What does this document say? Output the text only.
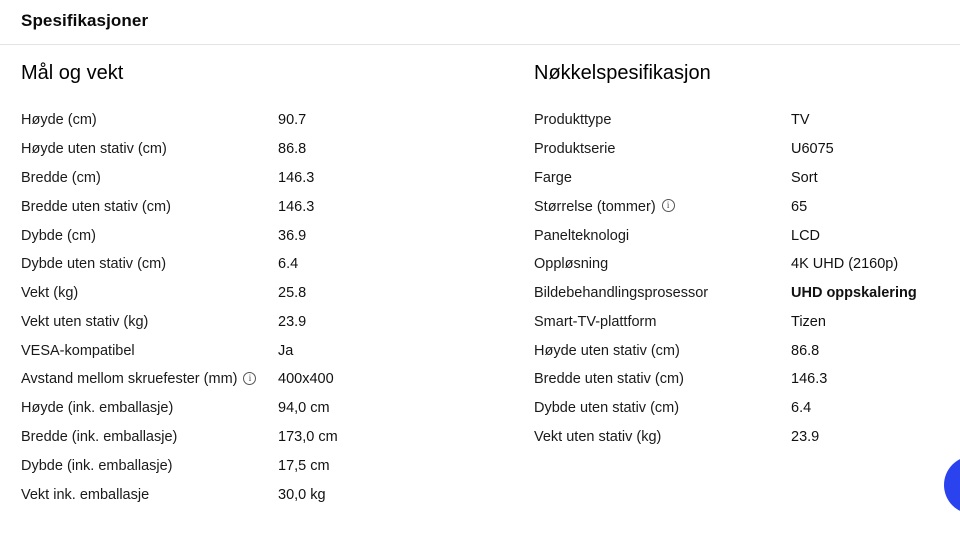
Spesifikasjoner
Mål og vekt
Høyde (cm)	90.7
Høyde uten stativ (cm)	86.8
Bredde (cm)	146.3
Bredde uten stativ (cm)	146.3
Dybde (cm)	36.9
Dybde uten stativ (cm)	6.4
Vekt (kg)	25.8
Vekt uten stativ (kg)	23.9
VESA-kompatibel	Ja
Avstand mellom skruefester (mm) i	400x400
Høyde (ink. emballasje)	94,0 cm
Bredde (ink. emballasje)	173,0 cm
Dybde (ink. emballasje)	17,5 cm
Vekt ink. emballasje	30,0 kg
Nøkkelspesifikasjon
Produkttype	TV
Produktserie	U6075
Farge	Sort
Størrelse (tommer) i	65
Panelteknologi	LCD
Oppløsning	4K UHD (2160p)
Bildebehandlingsprosessor	UHD oppskalering
Smart-TV-plattform	Tizen
Høyde uten stativ (cm)	86.8
Bredde uten stativ (cm)	146.3
Dybde uten stativ (cm)	6.4
Vekt uten stativ (kg)	23.9
